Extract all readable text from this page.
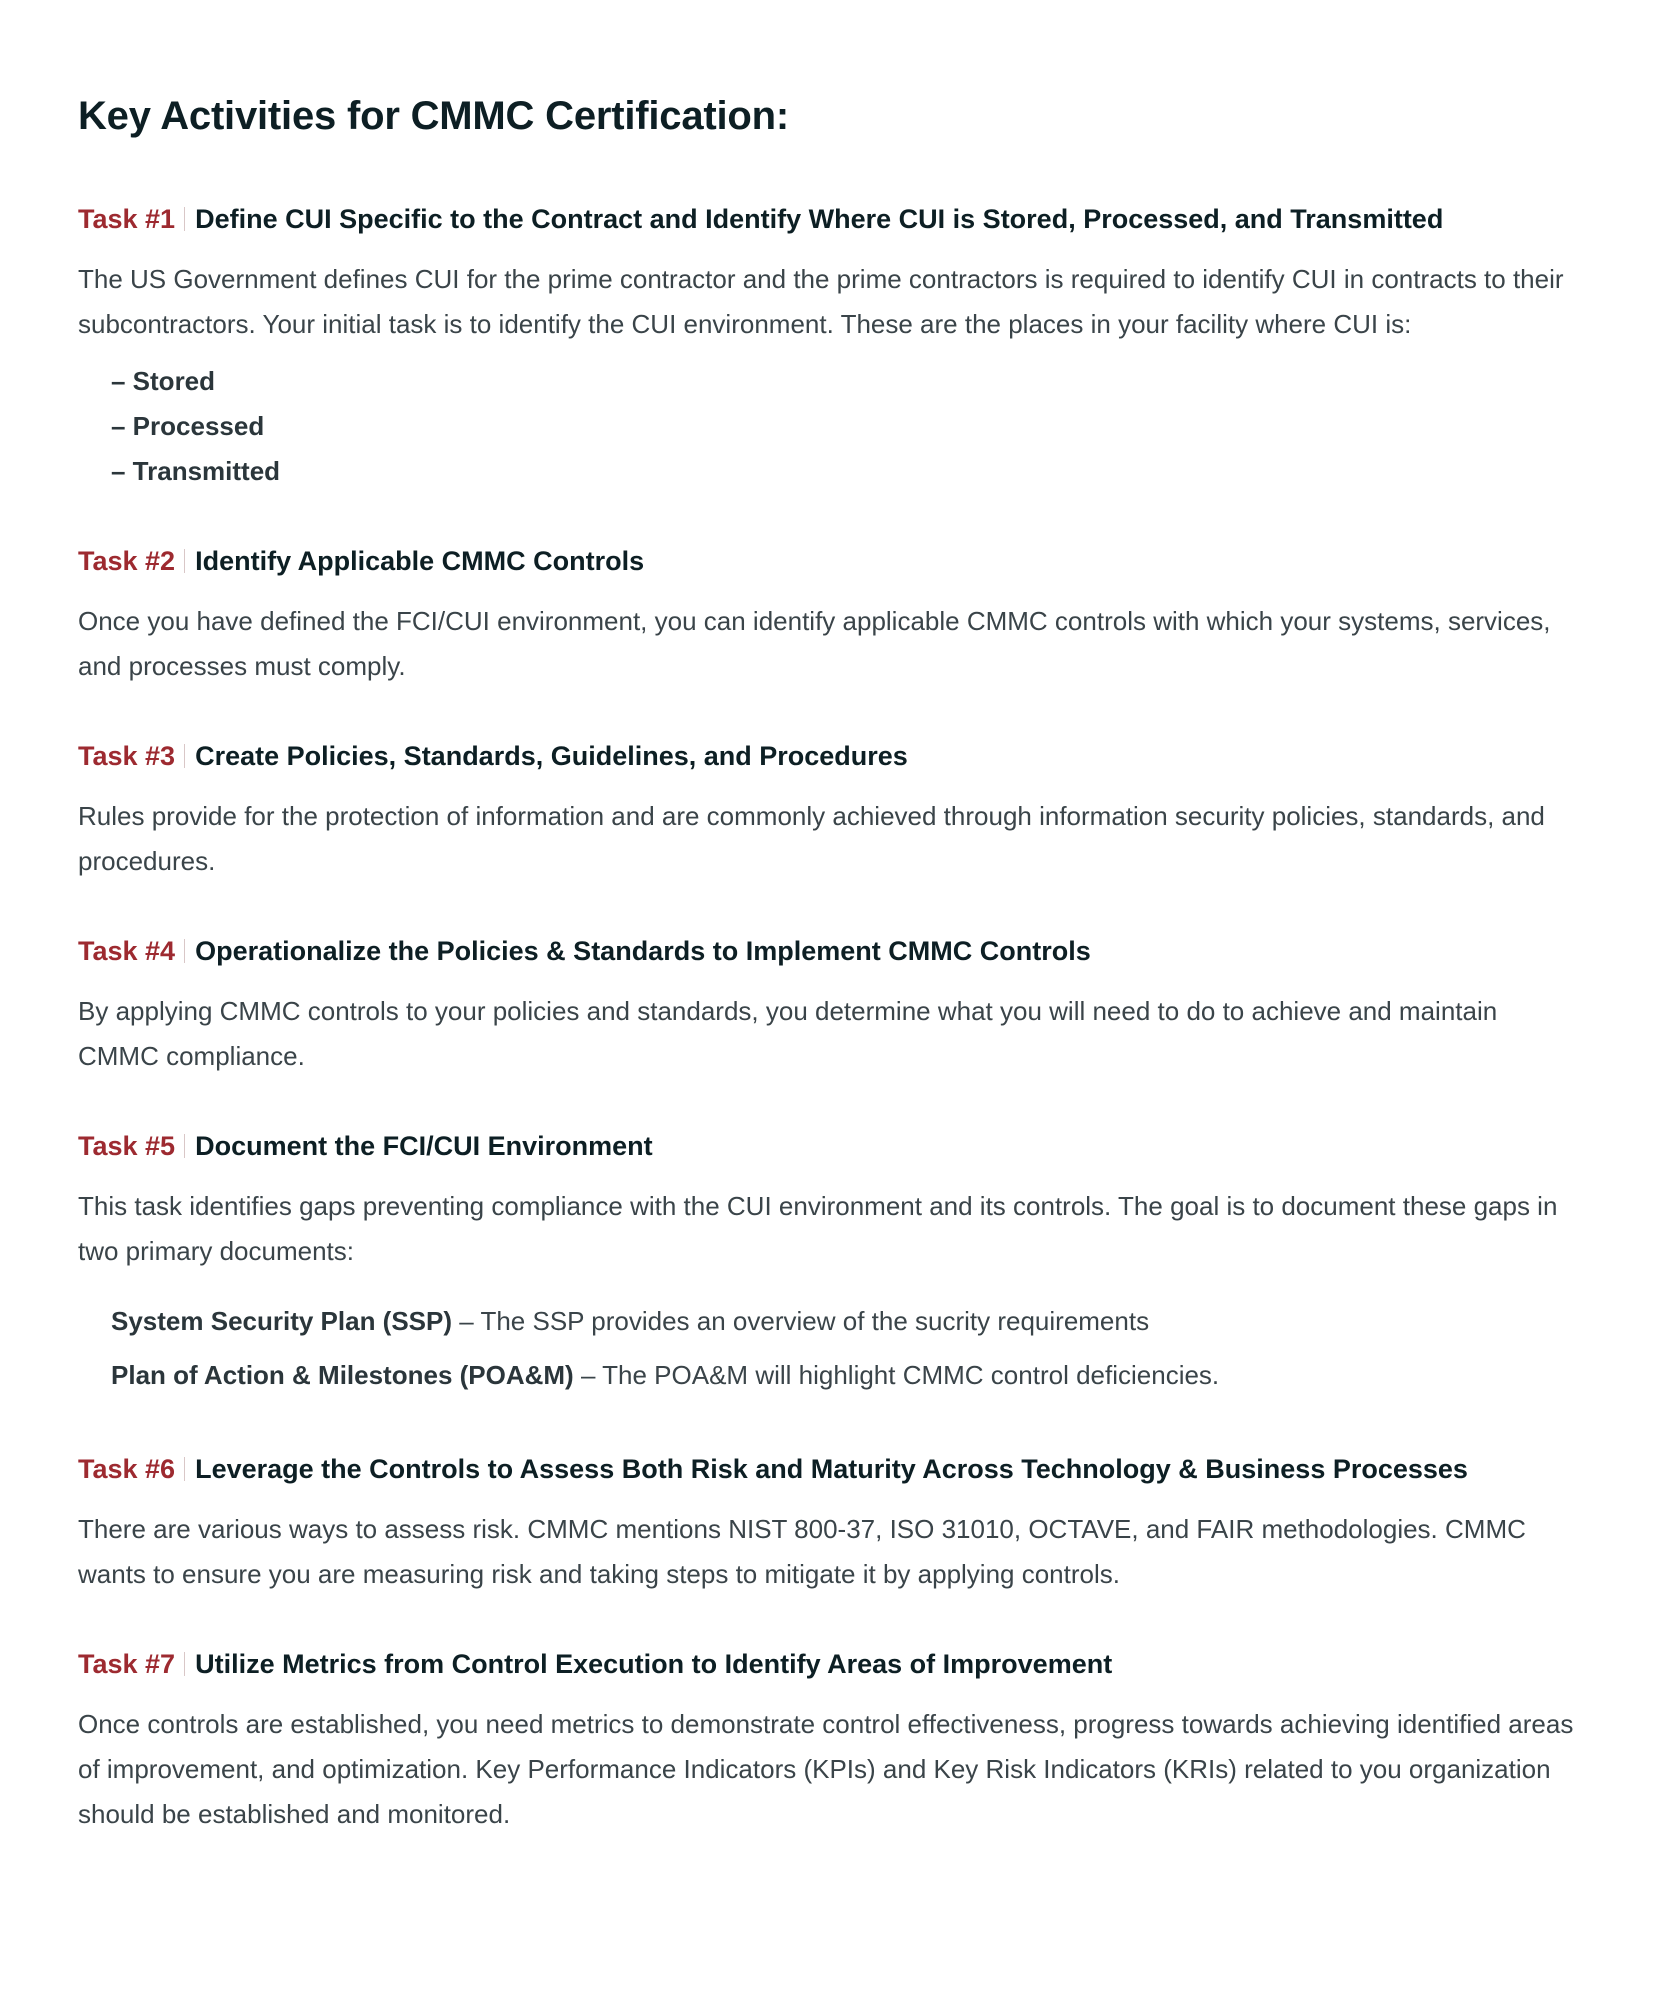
Key Activities for CMMC Certification:
Task #1 Define CUI Specific to the Contract and Identify Where CUI is Stored, Processed, and Transmitted

The US Government defines CUI for the prime contractor and the prime contractors is required to identify CUI in contracts to their subcontractors. Your initial task is to identify the CUI environment. These are the places in your facility where CUI is:

– Stored
– Processed
– Transmitted
Task #2 Identify Applicable CMMC Controls

Once you have defined the FCI/CUI environment, you can identify applicable CMMC controls with which your systems, services, and processes must comply.

Task #3 Create Policies, Standards, Guidelines, and Procedures

Rules provide for the protection of information and are commonly achieved through information security policies, standards, and procedures.

Task #4 Operationalize the Policies & Standards to Implement CMMC Controls

By applying CMMC controls to your policies and standards, you determine what you will need to do to achieve and maintain CMMC compliance.

Task #5 Document the FCI/CUI Environment

This task identifies gaps preventing compliance with the CUI environment and its controls. The goal is to document these gaps in two primary documents:

System Security Plan (SSP) – The SSP provides an overview of the sucrity requirements
Plan of Action & Milestones (POA&M) – The POA&M will highlight CMMC control deficiencies.
Task #6 Leverage the Controls to Assess Both Risk and Maturity Across Technology & Business Processes

There are various ways to assess risk. CMMC mentions NIST 800-37, ISO 31010, OCTAVE, and FAIR methodologies. CMMC wants to ensure you are measuring risk and taking steps to mitigate it by applying controls.

Task #7 Utilize Metrics from Control Execution to Identify Areas of Improvement

Once controls are established, you need metrics to demonstrate control effectiveness, progress towards achieving identified areas of improvement, and optimization. Key Performance Indicators (KPIs) and Key Risk Indicators (KRIs) related to you organization should be established and monitored.
